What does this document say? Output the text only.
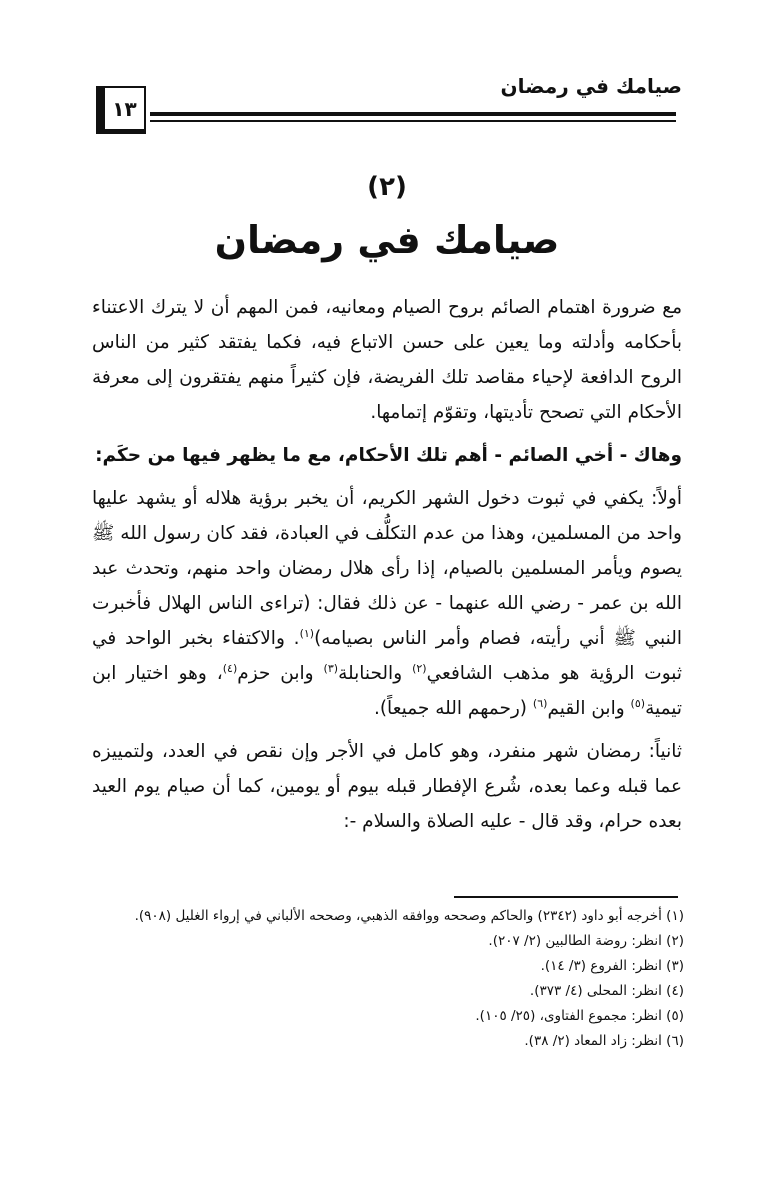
صيامك في رمضان
١٣
(٢)
صيامك في رمضان

مع ضرورة اهتمام الصائم بروح الصيام ومعانيه، فمن المهم أن لا يترك الاعتناء بأحكامه وأدلته وما يعين على حسن الاتباع فيه، فكما يفتقد كثير من الناس الروح الدافعة لإحياء مقاصد تلك الفريضة، فإن كثيراً منهم يفتقرون إلى معرفة الأحكام التي تصحح تأديتها، وتقوّم إتمامها.

وهاك - أخي الصائم - أهم تلك الأحكام، مع ما يظهر فيها من حكَم:

أولاً: يكفي في ثبوت دخول الشهر الكريم، أن يخبر برؤية هلاله أو يشهد عليها واحد من المسلمين، وهذا من عدم التكلُّف في العبادة، فقد كان رسول الله ﷺ يصوم ويأمر المسلمين بالصيام، إذا رأى هلال رمضان واحد منهم، وتحدث عبد الله بن عمر - رضي الله عنهما - عن ذلك فقال: (تراءى الناس الهلال فأخبرت النبي ﷺ أني رأيته، فصام وأمر الناس بصيامه)$^{(١)}$. والاكتفاء بخبر الواحد في ثبوت الرؤية هو مذهب الشافعي$^{(٢)}$ والحنابلة$^{(٣)}$ وابن حزم$^{(٤)}$، وهو اختيار ابن تيمية$^{(٥)}$ وابن القيم$^{(٦)}$ (رحمهم الله جميعاً).

ثانياً: رمضان شهر منفرد، وهو كامل في الأجر وإن نقص في العدد، ولتمييزه عما قبله وعما بعده، شُرع الإفطار قبله بيوم أو يومين، كما أن صيام يوم العيد بعده حرام، وقد قال - عليه الصلاة والسلام -:

(١) أخرجه أبو داود (٢٣٤٢) والحاكم وصححه ووافقه الذهبي، وصححه الألباني في إرواء الغليل (٩٠٨).

(٢) انظر: روضة الطالبين (٢/ ٢٠٧).

(٣) انظر: الفروع (٣/ ١٤).

(٤) انظر: المحلى (٤/ ٣٧٣).

(٥) انظر: مجموع الفتاوى، (٢٥/ ١٠٥).

(٦) انظر: زاد المعاد (٢/ ٣٨).
